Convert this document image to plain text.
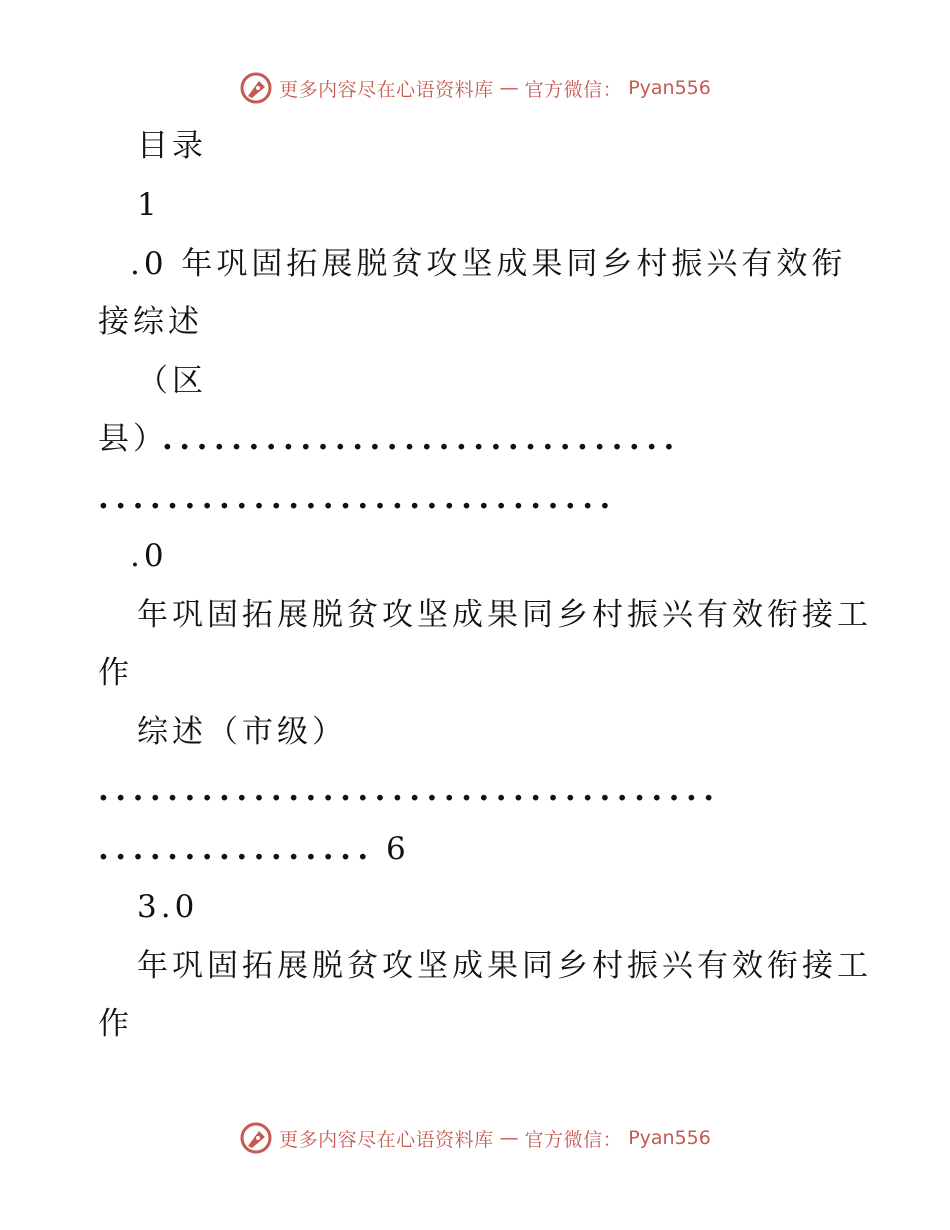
更多内容尽在心语资料库 — 官方微信： Pyan556
目录
1
.0 年巩固拓展脱贫攻坚成果同乡村振兴有效衔
接综述
（区
县）
..............................
..............................
.0
年巩固拓展脱贫攻坚成果同乡村振兴有效衔接工
作
综述（市级）
....................................
................ 6
3.0
年巩固拓展脱贫攻坚成果同乡村振兴有效衔接工
作
更多内容尽在心语资料库 — 官方微信： Pyan556
